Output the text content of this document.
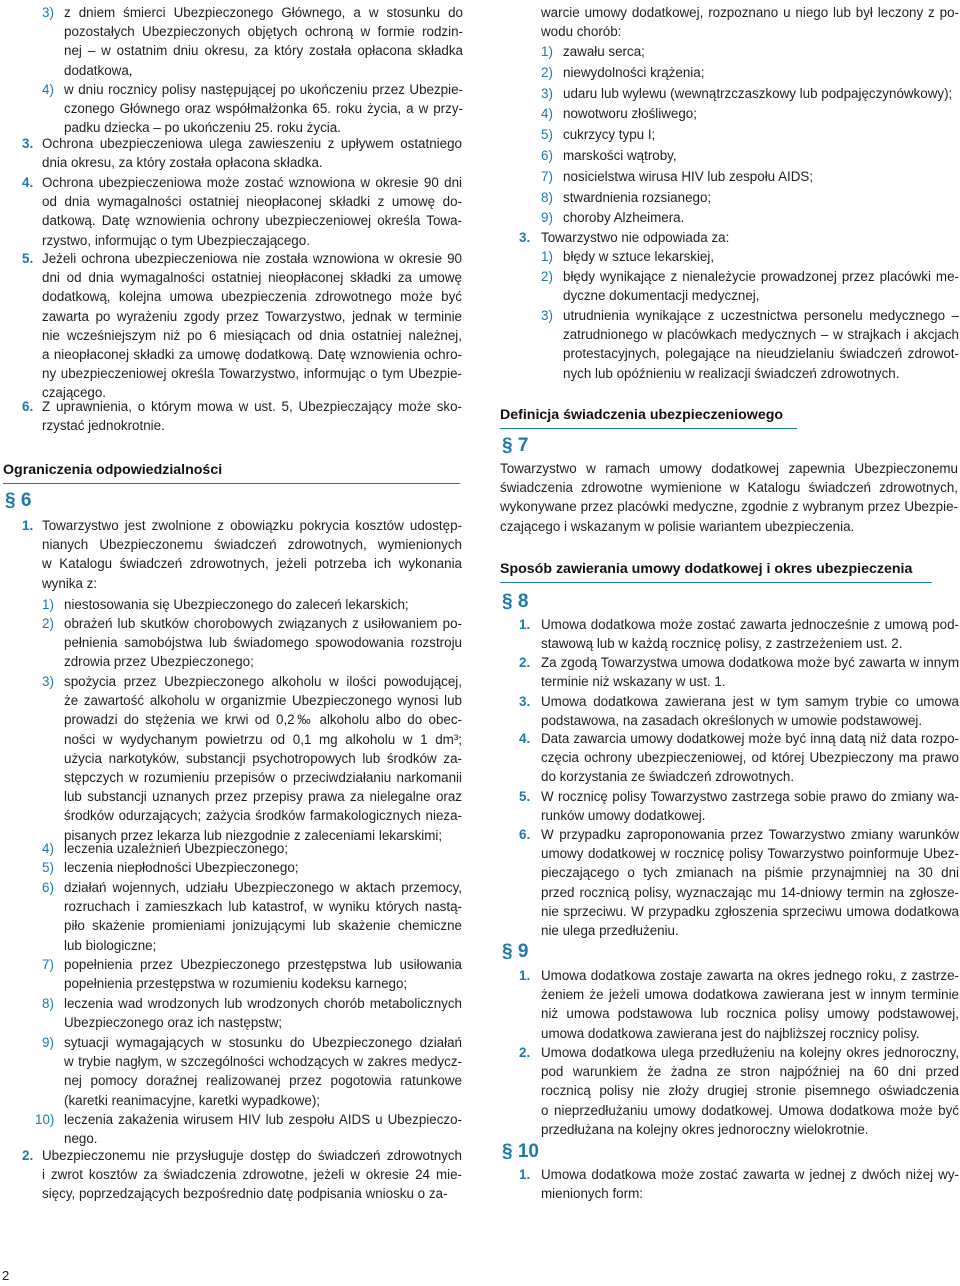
3) z dniem śmierci Ubezpieczonego Głównego, a w stosunku do
pozostałych Ubezpieczonych objętych ochroną w formie rodzin-
nej – w ostatnim dniu okresu, za który została opłacona składka
dodatkowa,
4) w dniu rocznicy polisy następującej po ukończeniu przez Ubezpie-
czonego Głównego oraz współmałżonka 65. roku życia, a w przy-
padku dziecka – po ukończeniu 25. roku życia.
3. Ochrona ubezpieczeniowa ulega zawieszeniu z upływem ostatniego
dnia okresu, za który została opłacona składka.
4. Ochrona ubezpieczeniowa może zostać wznowiona w okresie 90 dni
od dnia wymagalności ostatniej nieopłaconej składki z umowę do-
datkową. Datę wznowienia ochrony ubezpieczeniowej określa Towa-
rzystwo, informując o tym Ubezpieczającego.
5. Jeżeli ochrona ubezpieczeniowa nie została wznowiona w okresie 90
dni od dnia wymagalności ostatniej nieopłaconej składki za umowę
dodatkową, kolejna umowa ubezpieczenia zdrowotnego może być
zawarta po wyrażeniu zgody przez Towarzystwo, jednak w terminie
nie wcześniejszym niż po 6 miesiącach od dnia ostatniej należnej,
a nieopłaconej składki za umowę dodatkową. Datę wznowienia ochro-
ny ubezpieczeniowej określa Towarzystwo, informując o tym Ubezpie-
czającego.
6. Z uprawnienia, o którym mowa w ust. 5, Ubezpieczający może sko-
rzystać jednokrotnie.
Ograniczenia odpowiedzialności
§ 6
1. Towarzystwo jest zwolnione z obowiązku pokrycia kosztów udostęp-
nianych Ubezpieczonemu świadczeń zdrowotnych, wymienionych
w Katalogu świadczeń zdrowotnych, jeżeli potrzeba ich wykonania
wynika z:
1) niestosowania się Ubezpieczonego do zaleceń lekarskich;
2) obrażeń lub skutków chorobowych związanych z usiłowaniem po-
pełnienia samobójstwa lub świadomego spowodowania rozstroju
zdrowia przez Ubezpieczonego;
3) spożycia przez Ubezpieczonego alkoholu w ilości powodującej,
że zawartość alkoholu w organizmie Ubezpieczonego wynosi lub
prowadzi do stężenia we krwi od 0,2‰ alkoholu albo do obec-
ności w wydychanym powietrzu od 0,1 mg alkoholu w 1 dm³;
użycia narkotyków, substancji psychotropowych lub środków za-
stępczych w rozumieniu przepisów o przeciwdziałaniu narkomanii
lub substancji uznanych przez przepisy prawa za nielegalne oraz
środków odurzających; zażycia środków farmakologicznych nieza-
pisanych przez lekarza lub niezgodnie z zaleceniami lekarskimi;
4) leczenia uzależnień Ubezpieczonego;
5) leczenia niepłodności Ubezpieczonego;
6) działań wojennych, udziału Ubezpieczonego w aktach przemocy,
rozruchach i zamieszkach lub katastrof, w wyniku których nastą-
piło skażenie promieniami jonizującymi lub skażenie chemiczne
lub biologiczne;
7) popełnienia przez Ubezpieczonego przestępstwa lub usiłowania
popełnienia przestępstwa w rozumieniu kodeksu karnego;
8) leczenia wad wrodzonych lub wrodzonych chorób metabolicznych
Ubezpieczonego oraz ich następstw;
9) sytuacji wymagających w stosunku do Ubezpieczonego działań
w trybie nagłym, w szczególności wchodzących w zakres medycz-
nej pomocy doraźnej realizowanej przez pogotowia ratunkowe
(karetki reanimacyjne, karetki wypadkowe);
10) leczenia zakażenia wirusem HIV lub zespołu AIDS u Ubezpieczo-
nego.
2. Ubezpieczonemu nie przysługuje dostęp do świadczeń zdrowotnych
i zwrot kosztów za świadczenia zdrowotne, jeżeli w okresie 24 mie-
sięcy, poprzedzających bezpośrednio datę podpisania wniosku o za-
warcie umowy dodatkowej, rozpoznano u niego lub był leczony z po-
wodu chorób:
1) zawału serca;
2) niewydolności krążenia;
3) udaru lub wylewu (wewnątrzczaszkowy lub podpajęczynówkowy);
4) nowotworu złośliwego;
5) cukrzycy typu I;
6) marskości wątroby,
7) nosicielstwa wirusa HIV lub zespołu AIDS;
8) stwardnienia rozsianego;
9) choroby Alzheimera.
3. Towarzystwo nie odpowiada za:
1) błędy w sztuce lekarskiej,
2) błędy wynikające z nienależycie prowadzonej przez placówki me-
dyczne dokumentacji medycznej,
3) utrudnienia wynikające z uczestnictwa personelu medycznego –
zatrudnionego w placówkach medycznych – w strajkach i akcjach
protestacyjnych, polegające na nieudzielaniu świadczeń zdrowot-
nych lub opóźnieniu w realizacji świadczeń zdrowotnych.
Definicja świadczenia ubezpieczeniowego
§ 7
Towarzystwo w ramach umowy dodatkowej zapewnia Ubezpieczonemu
świadczenia zdrowotne wymienione w Katalogu świadczeń zdrowotnych,
wykonywane przez placówki medyczne, zgodnie z wybranym przez Ubezpie-
czającego i wskazanym w polisie wariantem ubezpieczenia.
Sposób zawierania umowy dodatkowej i okres ubezpieczenia
§ 8
1. Umowa dodatkowa może zostać zawarta jednocześnie z umową pod-
stawową lub w każdą rocznicę polisy, z zastrzeżeniem ust. 2.
2. Za zgodą Towarzystwa umowa dodatkowa może być zawarta w innym
terminie niż wskazany w ust. 1.
3. Umowa dodatkowa zawierana jest w tym samym trybie co umowa
podstawowa, na zasadach określonych w umowie podstawowej.
4. Data zawarcia umowy dodatkowej może być inną datą niż data rozpo-
częcia ochrony ubezpieczeniowej, od której Ubezpieczony ma prawo
do korzystania ze świadczeń zdrowotnych.
5. W rocznicę polisy Towarzystwo zastrzega sobie prawo do zmiany wa-
runków umowy dodatkowej.
6. W przypadku zaproponowania przez Towarzystwo zmiany warunków
umowy dodatkowej w rocznicę polisy Towarzystwo poinformuje Ubez-
pieczającego o tych zmianach na piśmie przynajmniej na 30 dni
przed rocznicą polisy, wyznaczając mu 14-dniowy termin na zgłosze-
nie sprzeciwu. W przypadku zgłoszenia sprzeciwu umowa dodatkowa
nie ulega przedłużeniu.
§ 9
1. Umowa dodatkowa zostaje zawarta na okres jednego roku, z zastrze-
żeniem że jeżeli umowa dodatkowa zawierana jest w innym terminie
niż umowa podstawowa lub rocznica polisy umowy podstawowej,
umowa dodatkowa zawierana jest do najbliższej rocznicy polisy.
2. Umowa dodatkowa ulega przedłużeniu na kolejny okres jednoroczny,
pod warunkiem że żadna ze stron najpóźniej na 60 dni przed
rocznicą polisy nie złoży drugiej stronie pisemnego oświadczenia
o nieprzedłużaniu umowy dodatkowej. Umowa dodatkowa może być
przedłużana na kolejny okres jednoroczny wielokrotnie.
§ 10
1. Umowa dodatkowa może zostać zawarta w jednej z dwóch niżej wy-
mienionych form:
2
